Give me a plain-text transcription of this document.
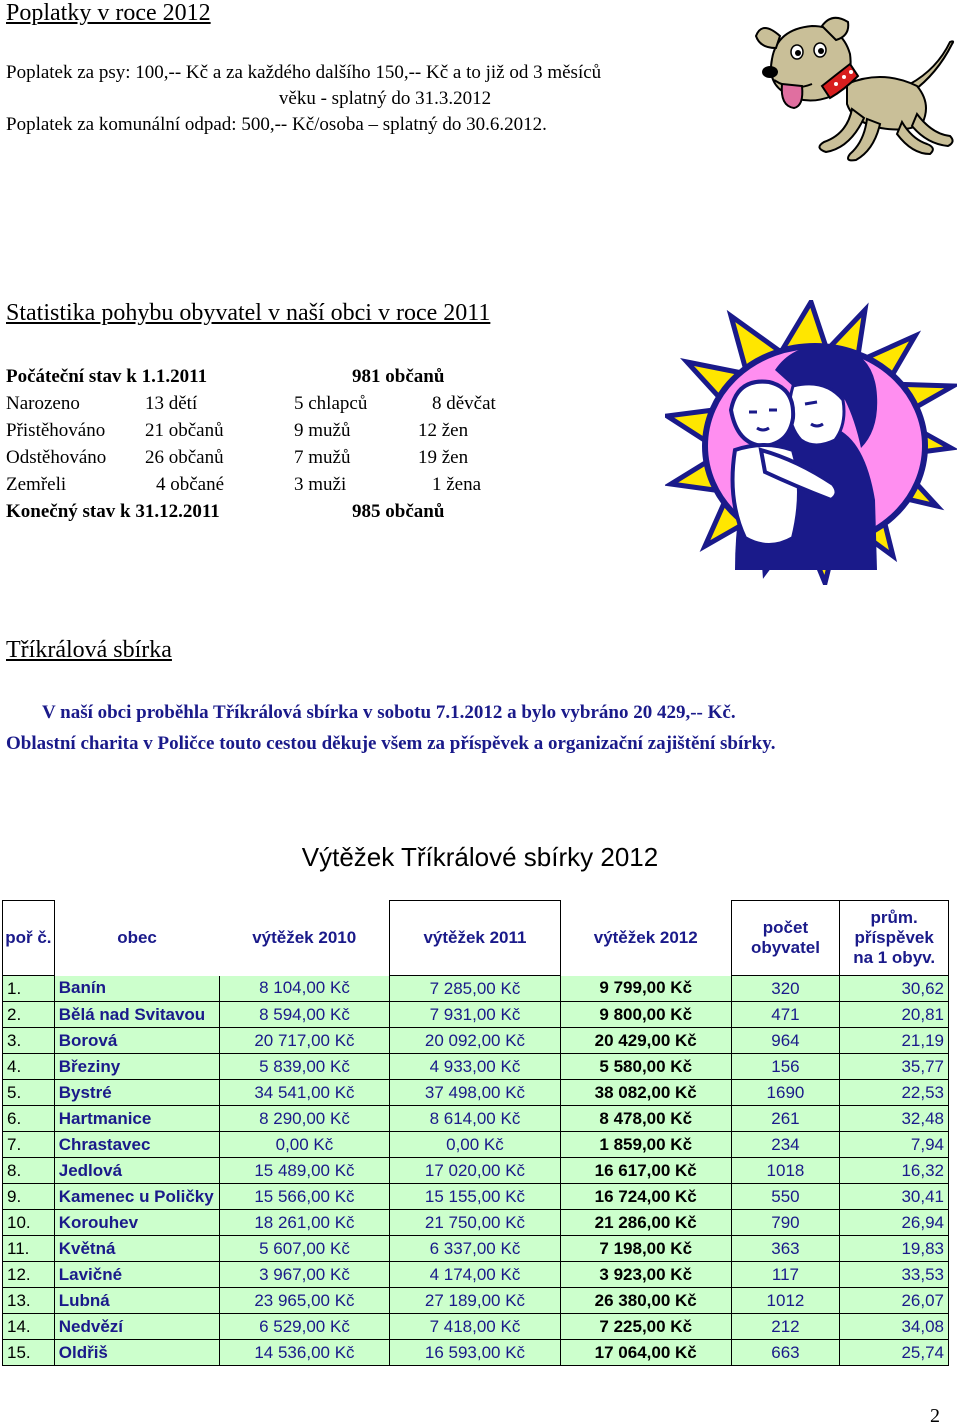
Poplatky v roce 2012
Poplatek za psy: 100,-- Kč a za každého dalšího 150,-- Kč a to již od 3 měsíců
věku - splatný do 31.3.2012
Poplatek za komunální odpad: 500,-- Kč/osoba – splatný do 30.6.2012.
Statistika pohybu obyvatel v naší obci v roce 2011
Počáteční stav k 1.1.2011	981 občanů
Narozeno	13 dětí	5 chlapců	8 děvčat
Přistěhováno 21 občanů	9 mužů	12 žen
Odstěhováno 26 občanů	7 mužů	19 žen
Zemřeli	4 občané	3 muži	1 žena
Konečný stav k 31.12.2011	985 občanů
Tříkrálová sbírka
V naší obci proběhla Tříkrálová sbírka v sobotu 7.1.2012 a bylo vybráno 20 429,-- Kč.
Oblastní charita v Poličce touto cestou děkuje všem za příspěvek a organizační zajištění sbírky.
Výtěžek Tříkrálové sbírky 2012
poř č.	obec	výtěžek 2010	výtěžek 2011	výtěžek 2012	počet obyvatel	prům. příspěvek na 1 obyv.
1.	Banín	8 104,00 Kč	7 285,00 Kč	9 799,00 Kč	320	30,62
2.	Bělá nad Svitavou	8 594,00 Kč	7 931,00 Kč	9 800,00 Kč	471	20,81
3.	Borová	20 717,00 Kč	20 092,00 Kč	20 429,00 Kč	964	21,19
4.	Březiny	5 839,00 Kč	4 933,00 Kč	5 580,00 Kč	156	35,77
5.	Bystré	34 541,00 Kč	37 498,00 Kč	38 082,00 Kč	1690	22,53
6.	Hartmanice	8 290,00 Kč	8 614,00 Kč	8 478,00 Kč	261	32,48
7.	Chrastavec	0,00 Kč	0,00 Kč	1 859,00 Kč	234	7,94
8.	Jedlová	15 489,00 Kč	17 020,00 Kč	16 617,00 Kč	1018	16,32
9.	Kamenec u Poličky	15 566,00 Kč	15 155,00 Kč	16 724,00 Kč	550	30,41
10.	Korouhev	18 261,00 Kč	21 750,00 Kč	21 286,00 Kč	790	26,94
11.	Květná	5 607,00 Kč	6 337,00 Kč	7 198,00 Kč	363	19,83
12.	Lavičné	3 967,00 Kč	4 174,00 Kč	3 923,00 Kč	117	33,53
13.	Lubná	23 965,00 Kč	27 189,00 Kč	26 380,00 Kč	1012	26,07
14.	Nedvězí	6 529,00 Kč	7 418,00 Kč	7 225,00 Kč	212	34,08
15.	Oldřiš	14 536,00 Kč	16 593,00 Kč	17 064,00 Kč	663	25,74
2
